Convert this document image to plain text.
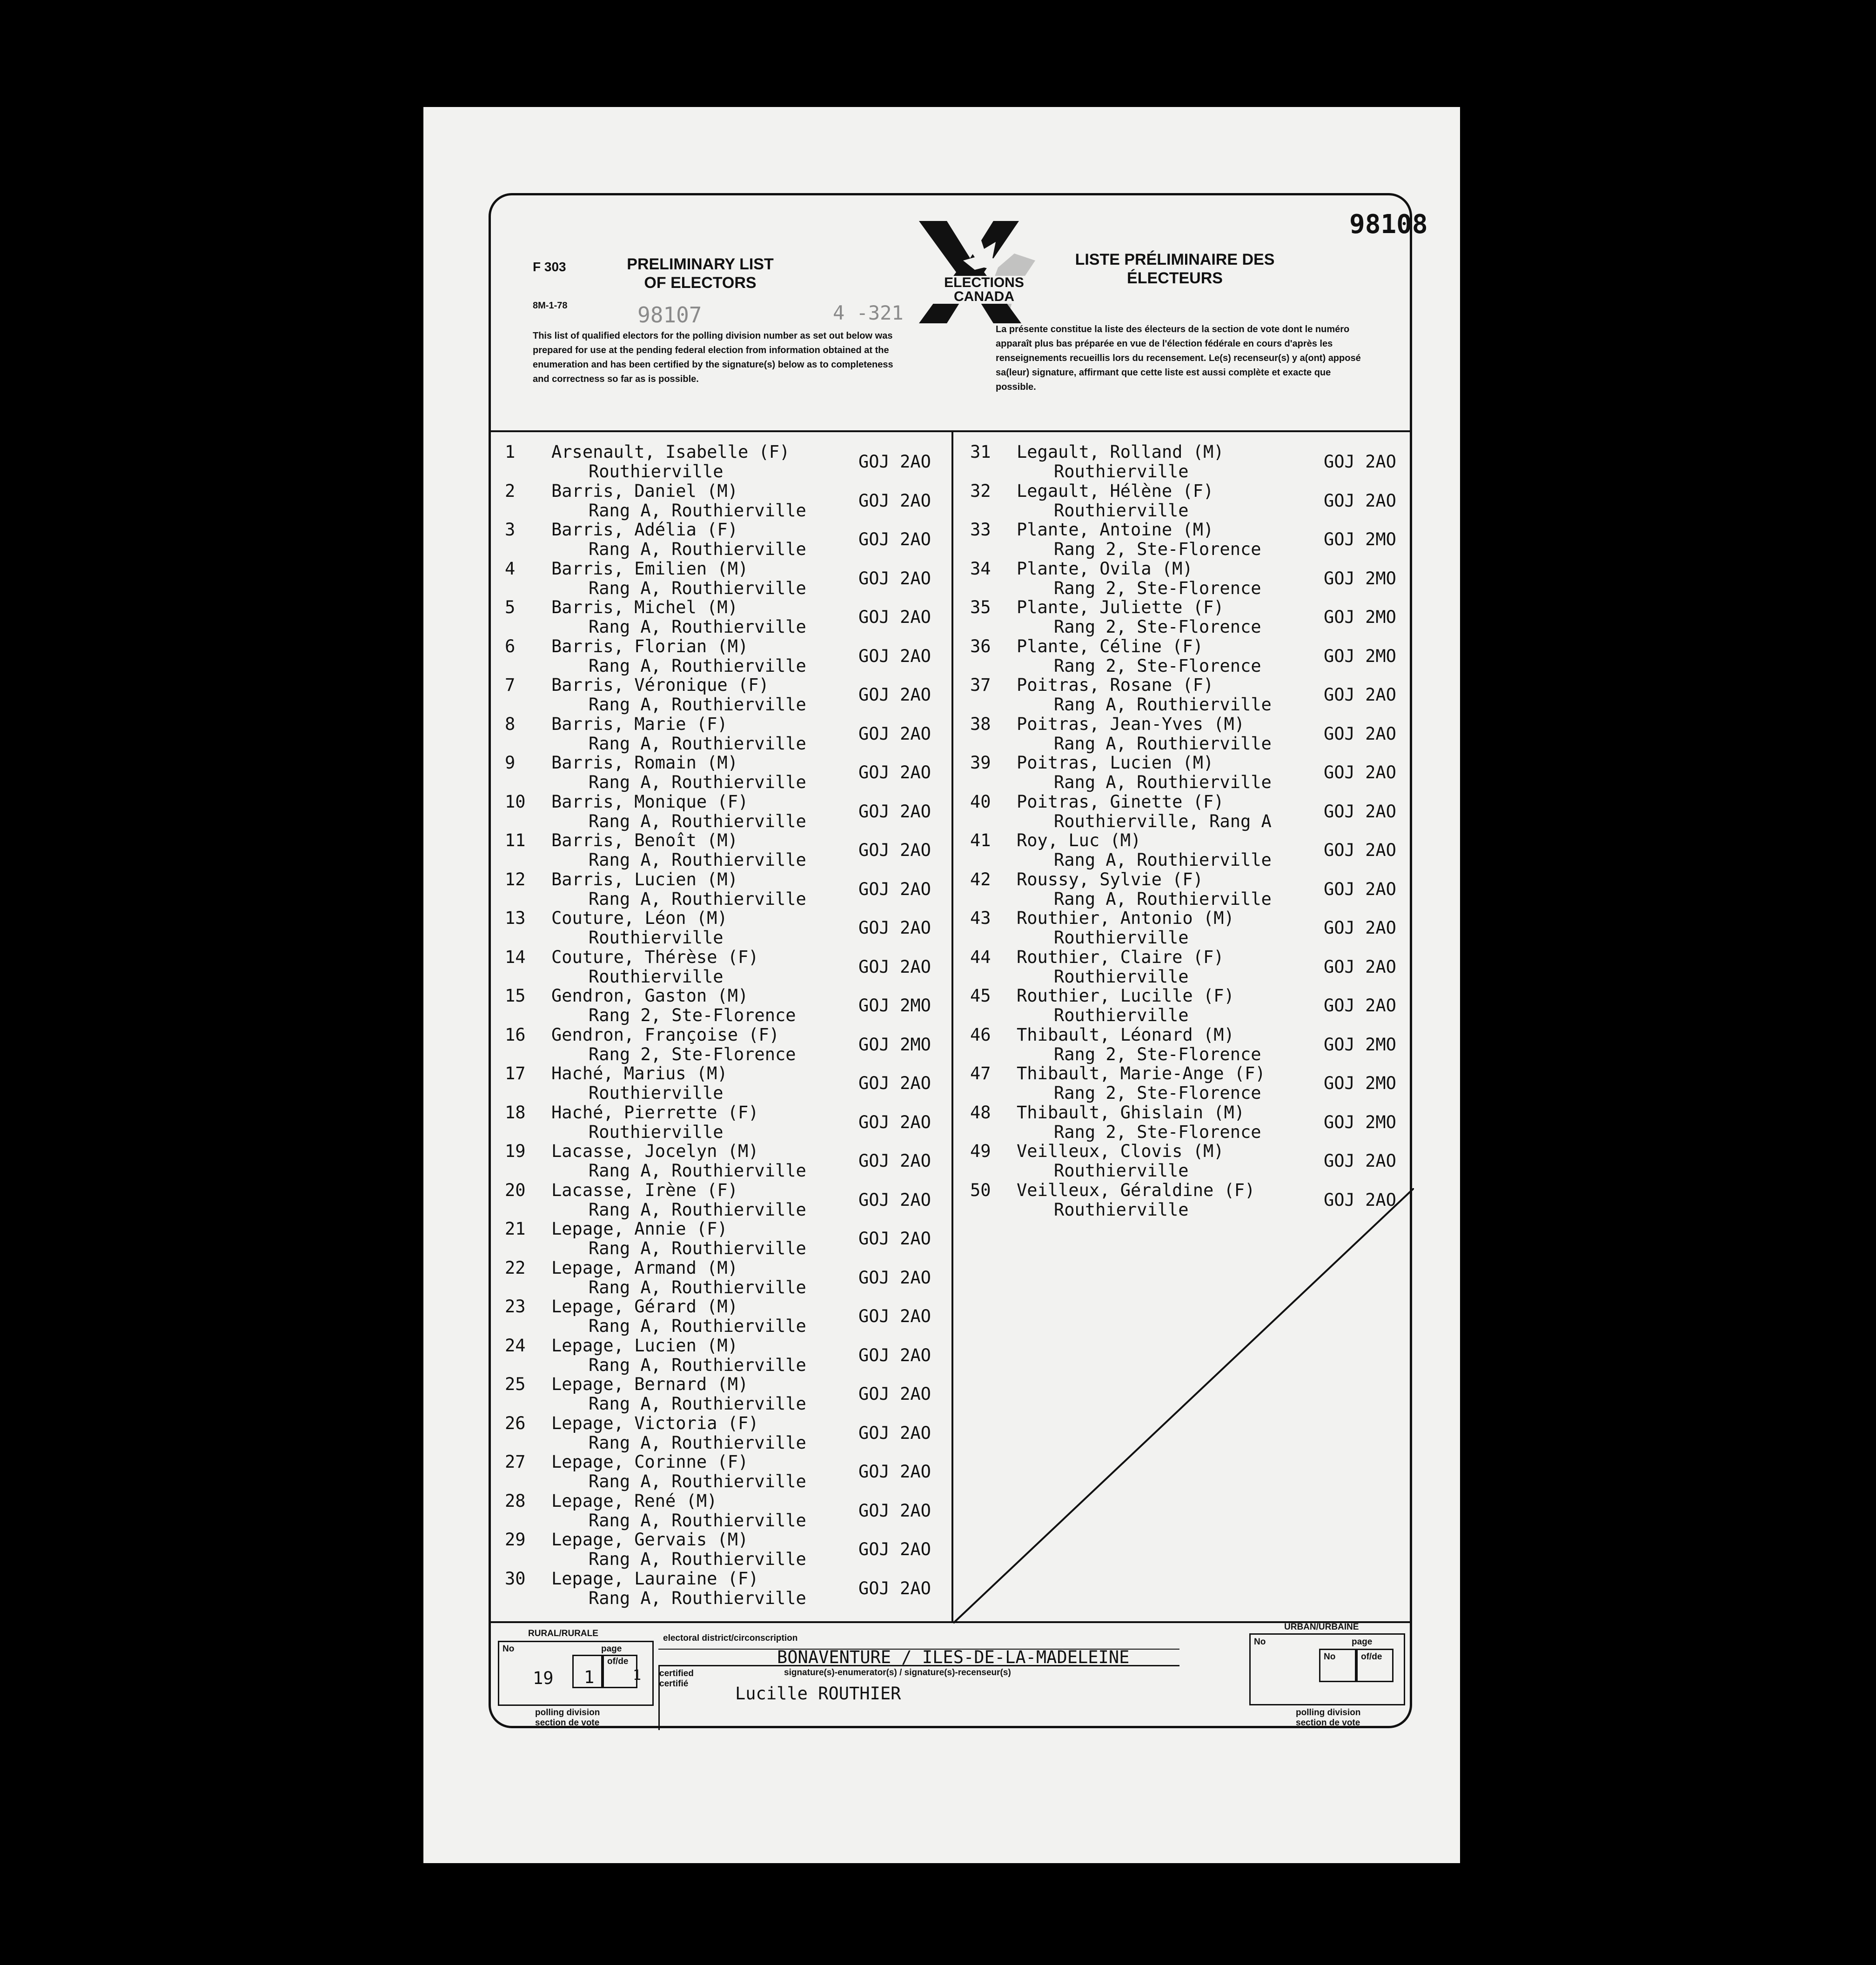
98108
F 303
8M-1-78
PRELIMINARY LIST OF ELECTORS
LISTE PRÉLIMINAIRE DES ÉLECTEURS
ELECTIONS
CANADA
98107	4 -321
This list of qualified electors for the polling division number as set out below was prepared for use at the pending federal election from information obtained at the enumeration and has been certified by the signature(s) below as to completeness and correctness so far as is possible.
La présente constitue la liste des électeurs de la section de vote dont le numéro apparaît plus bas préparée en vue de l'élection fédérale en cours d'après les renseignements recueillis lors du recensement. Le(s) recenseur(s) y a(ont) apposé sa(leur) signature, affirmant que cette liste est aussi complète et exacte que possible.
1	Arsenault, Isabelle (F)
Routhierville	GOJ 2AO
2	Barris, Daniel (M)
Rang A, Routhierville	GOJ 2AO
3	Barris, Adélia (F)
Rang A, Routhierville	GOJ 2AO
4	Barris, Emilien (M)
Rang A, Routhierville	GOJ 2AO
5	Barris, Michel (M)
Rang A, Routhierville	GOJ 2AO
6	Barris, Florian (M)
Rang A, Routhierville	GOJ 2AO
7	Barris, Véronique (F)
Rang A, Routhierville	GOJ 2AO
8	Barris, Marie (F)
Rang A, Routhierville	GOJ 2AO
9	Barris, Romain (M)
Rang A, Routhierville	GOJ 2AO
10	Barris, Monique (F)
Rang A, Routhierville	GOJ 2AO
11	Barris, Benoît (M)
Rang A, Routhierville	GOJ 2AO
12	Barris, Lucien (M)
Rang A, Routhierville	GOJ 2AO
13	Couture, Léon (M)
Routhierville	GOJ 2AO
14	Couture, Thérèse (F)
Routhierville	GOJ 2AO
15	Gendron, Gaston (M)
Rang 2, Ste-Florence	GOJ 2MO
16	Gendron, Françoise (F)
Rang 2, Ste-Florence	GOJ 2MO
17	Haché, Marius (M)
Routhierville	GOJ 2AO
18	Haché, Pierrette (F)
Routhierville	GOJ 2AO
19	Lacasse, Jocelyn (M)
Rang A, Routhierville	GOJ 2AO
20	Lacasse, Irène (F)
Rang A, Routhierville	GOJ 2AO
21	Lepage, Annie (F)
Rang A, Routhierville	GOJ 2AO
22	Lepage, Armand (M)
Rang A, Routhierville	GOJ 2AO
23	Lepage, Gérard (M)
Rang A, Routhierville	GOJ 2AO
24	Lepage, Lucien (M)
Rang A, Routhierville	GOJ 2AO
25	Lepage, Bernard (M)
Rang A, Routhierville	GOJ 2AO
26	Lepage, Victoria (F)
Rang A, Routhierville	GOJ 2AO
27	Lepage, Corinne (F)
Rang A, Routhierville	GOJ 2AO
28	Lepage, René (M)
Rang A, Routhierville	GOJ 2AO
29	Lepage, Gervais (M)
Rang A, Routhierville	GOJ 2AO
30	Lepage, Lauraine (F)
Rang A, Routhierville	GOJ 2AO
31	Legault, Rolland (M)
Routhierville	GOJ 2AO
32	Legault, Hélène (F)
Routhierville	GOJ 2AO
33	Plante, Antoine (M)
Rang 2, Ste-Florence	GOJ 2MO
34	Plante, Ovila (M)
Rang 2, Ste-Florence	GOJ 2MO
35	Plante, Juliette (F)
Rang 2, Ste-Florence	GOJ 2MO
36	Plante, Céline (F)
Rang 2, Ste-Florence	GOJ 2MO
37	Poitras, Rosane (F)
Rang A, Routhierville	GOJ 2AO
38	Poitras, Jean-Yves (M)
Rang A, Routhierville	GOJ 2AO
39	Poitras, Lucien (M)
Rang A, Routhierville	GOJ 2AO
40	Poitras, Ginette (F)
Routhierville, Rang A	GOJ 2AO
41	Roy, Luc (M)
Rang A, Routhierville	GOJ 2AO
42	Roussy, Sylvie (F)
Rang A, Routhierville	GOJ 2AO
43	Routhier, Antonio (M)
Routhierville	GOJ 2AO
44	Routhier, Claire (F)
Routhierville	GOJ 2AO
45	Routhier, Lucille (F)
Routhierville	GOJ 2AO
46	Thibault, Léonard (M)
Rang 2, Ste-Florence	GOJ 2MO
47	Thibault, Marie-Ange (F)
Rang 2, Ste-Florence	GOJ 2MO
48	Thibault, Ghislain (M)
Rang 2, Ste-Florence	GOJ 2MO
49	Veilleux, Clovis (M)
Routhierville	GOJ 2AO
50	Veilleux, Géraldine (F)
Routhierville	GOJ 2AO
RURAL/RURALE
No	page
of/de
19 1	1
polling division section de vote
electoral district/circonscription
BONAVENTURE / ILES-DE-LA-MADELEINE
certified certifié
signature(s)-enumerator(s) / signature(s)-recenseur(s)
Lucille ROUTHIER
URBAN/URBAINE
No	page
No	of/de
polling division section de vote
